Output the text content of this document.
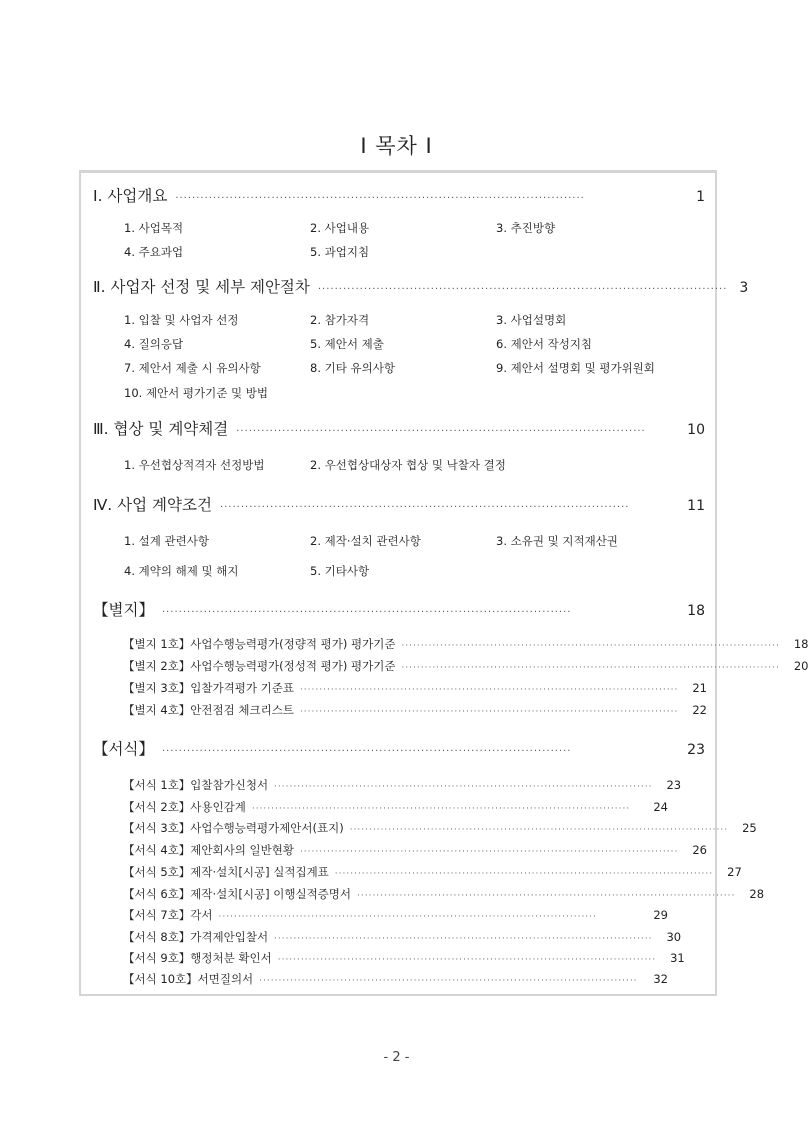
Ⅰ 목차 Ⅰ
Ⅰ. 사업개요 ··································································································	1
1. 사업목적	2. 사업내용	3. 추진방향
4. 주요과업	5. 과업지침
Ⅱ. 사업자 선정 및 세부 제안절차 ·································································································· 3
1. 입찰 및 사업자 선정	2. 참가자격	3. 사업설명회
4. 질의응답	5. 제안서 제출	6. 제안서 작성지침
7. 제안서 제출 시 유의사항	8. 기타 유의사항	9. 제안서 설명회 및 평가위원회
10. 제안서 평가기준 및 방법
Ⅲ. 협상 및 계약체결 ··································································································	10
1. 우선협상적격자 선정방법	2. 우선협상대상자 협상 및 낙찰자 결정
Ⅳ. 사업 계약조건 ··································································································	11
1. 설계 관련사항	2. 제작·설치 관련사항	3. 소유권 및 지적재산권
4. 계약의 해제 및 해지	5. 기타사항
【별지】 ··································································································	18
【별지 1호】사업수행능력평가(정량적 평가) 평가기준 ·································································································· 18
【별지 2호】사업수행능력평가(정성적 평가) 평가기준 ·································································································· 20
【별지 3호】입찰가격평가 기준표 ·································································································· 21
【별지 4호】안전점검 체크리스트 ·································································································· 22
【서식】 ··································································································	23
【서식 1호】입찰참가신청서 ·································································································· 23
【서식 2호】사용인감계 ··································································································	24
【서식 3호】사업수행능력평가제안서(표지) ·································································································· 25
【서식 4호】제안회사의 일반현황 ·································································································· 26
【서식 5호】제작·설치[시공] 실적집계표 ·································································································· 27
【서식 6호】제작·설치[시공] 이행실적증명서 ·································································································· 28
【서식 7호】각서 ··································································································	29
【서식 8호】가격제안입찰서 ·································································································· 30
【서식 9호】행정처분 확인서 ·································································································· 31
【서식 10호】서면질의서 ·································································································· 32
- 2 -
